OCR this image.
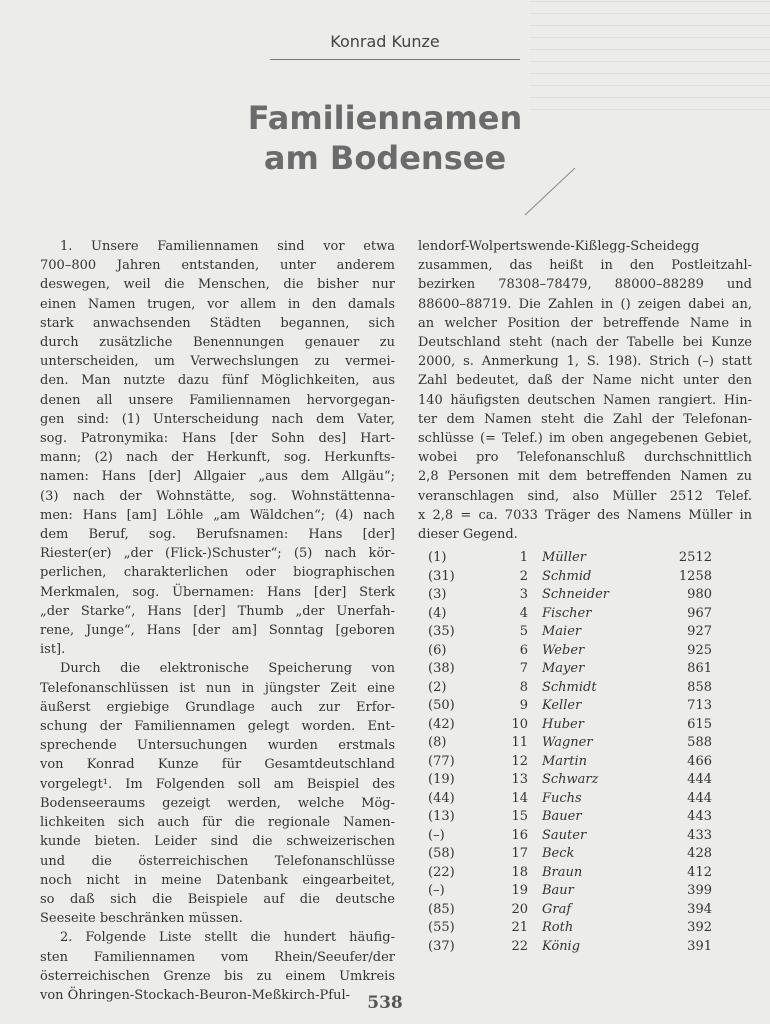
Konrad Kunze
Familiennamen
am Bodensee
1. Unsere Familiennamen sind vor etwa
700–800 Jahren entstanden, unter anderem
deswegen, weil die Menschen, die bisher nur
einen Namen trugen, vor allem in den damals
stark anwachsenden Städten begannen, sich
durch zusätzliche Benennungen genauer zu
unterscheiden, um Verwechslungen zu vermei-
den. Man nutzte dazu fünf Möglichkeiten, aus
denen all unsere Familiennamen hervorgegan-
gen sind: (1) Unterscheidung nach dem Vater,
sog. Patronymika: Hans [der Sohn des] Hart-
mann; (2) nach der Herkunft, sog. Herkunfts-
namen: Hans [der] Allgaier „aus dem Allgäu“;
(3) nach der Wohnstätte, sog. Wohnstättenna-
men: Hans [am] Löhle „am Wäldchen“; (4) nach
dem Beruf, sog. Berufsnamen: Hans [der]
Riester(er) „der (Flick-)Schuster“; (5) nach kör-
perlichen, charakterlichen oder biographischen
Merkmalen, sog. Übernamen: Hans [der] Sterk
„der Starke“, Hans [der] Thumb „der Unerfah-
rene, Junge“, Hans [der am] Sonntag [geboren
ist].
Durch die elektronische Speicherung von
Telefonanschlüssen ist nun in jüngster Zeit eine
äußerst ergiebige Grundlage auch zur Erfor-
schung der Familiennamen gelegt worden. Ent-
sprechende Untersuchungen wurden erstmals
von Konrad Kunze für Gesamtdeutschland
vorgelegt¹. Im Folgenden soll am Beispiel des
Bodenseeraums gezeigt werden, welche Mög-
lichkeiten sich auch für die regionale Namen-
kunde bieten. Leider sind die schweizerischen
und die österreichischen Telefonanschlüsse
noch nicht in meine Datenbank eingearbeitet,
so daß sich die Beispiele auf die deutsche
Seeseite beschränken müssen.
2. Folgende Liste stellt die hundert häufig-
sten Familiennamen vom Rhein/Seeufer/der
österreichischen Grenze bis zu einem Umkreis
von Öhringen-Stockach-Beuron-Meßkirch-Pful-
lendorf-Wolpertswende-Kißlegg-Scheidegg
zusammen, das heißt in den Postleitzahl-
bezirken 78308–78479, 88000–88289 und
88600–88719. Die Zahlen in () zeigen dabei an,
an welcher Position der betreffende Name in
Deutschland steht (nach der Tabelle bei Kunze
2000, s. Anmerkung 1, S. 198). Strich (–) statt
Zahl bedeutet, daß der Name nicht unter den
140 häufigsten deutschen Namen rangiert. Hin-
ter dem Namen steht die Zahl der Telefonan-
schlüsse (= Telef.) im oben angegebenen Gebiet,
wobei pro Telefonanschluß durchschnittlich
2,8 Personen mit dem betreffenden Namen zu
veranschlagen sind, also Müller 2512 Telef.
x 2,8 = ca. 7033 Träger des Namens Müller in
dieser Gegend.
(1)	1	Müller	2512
(31)	2	Schmid	1258
(3)	3	Schneider	980
(4)	4	Fischer	967
(35)	5	Maier	927
(6)	6	Weber	925
(38)	7	Mayer	861
(2)	8	Schmidt	858
(50)	9	Keller	713
(42)	10	Huber	615
(8)	11	Wagner	588
(77)	12	Martin	466
(19)	13	Schwarz	444
(44)	14	Fuchs	444
(13)	15	Bauer	443
(–)	16	Sauter	433
(58)	17	Beck	428
(22)	18	Braun	412
(–)	19	Baur	399
(85)	20	Graf	394
(55)	21	Roth	392
(37)	22	König	391
538
